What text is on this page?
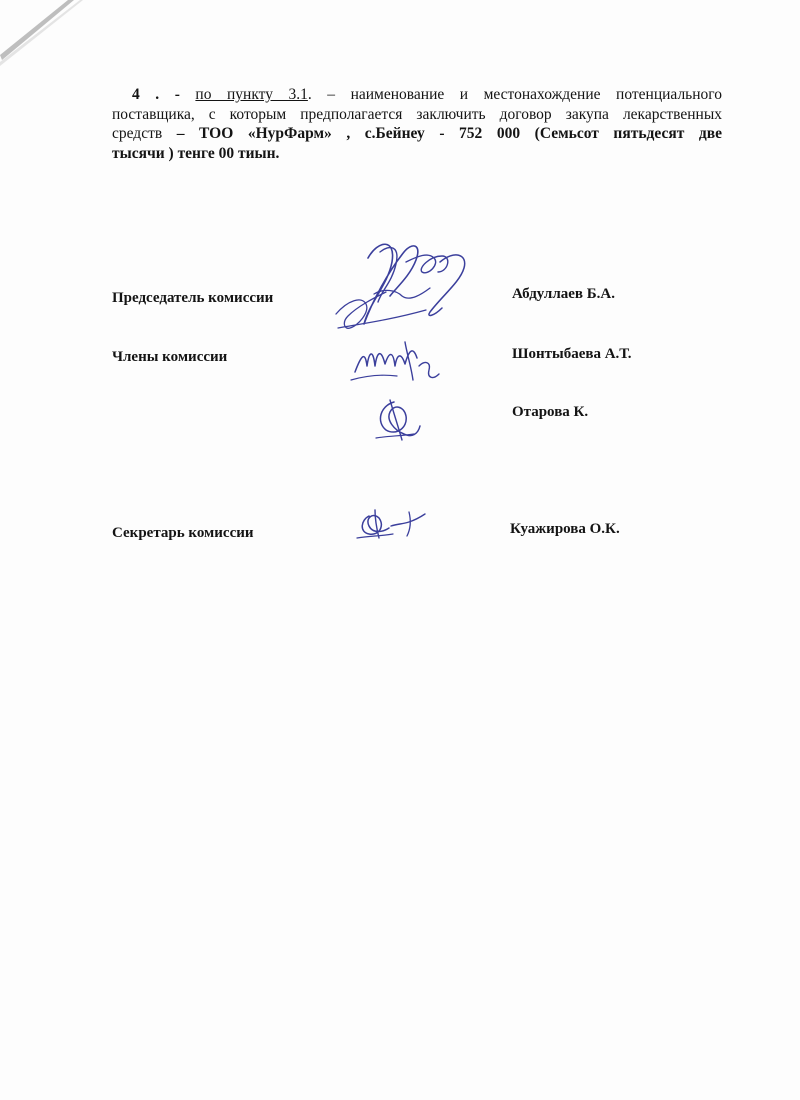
4 . - по пункту 3.1. – наименование и местонахождение потенциального
поставщика, с которым предполагается заключить договор закупа лекарственных
средств – ТОО «НурФарм» , с.Бейнеу - 752 000 (Семьсот пятьдесят две
тысячи ) тенге 00 тиын.
Председатель комиссии	Абдуллаев Б.А.
Члены комиссии	Шонтыбаева А.Т.
Отарова К.
Секретарь комиссии	Куажирова О.К.
